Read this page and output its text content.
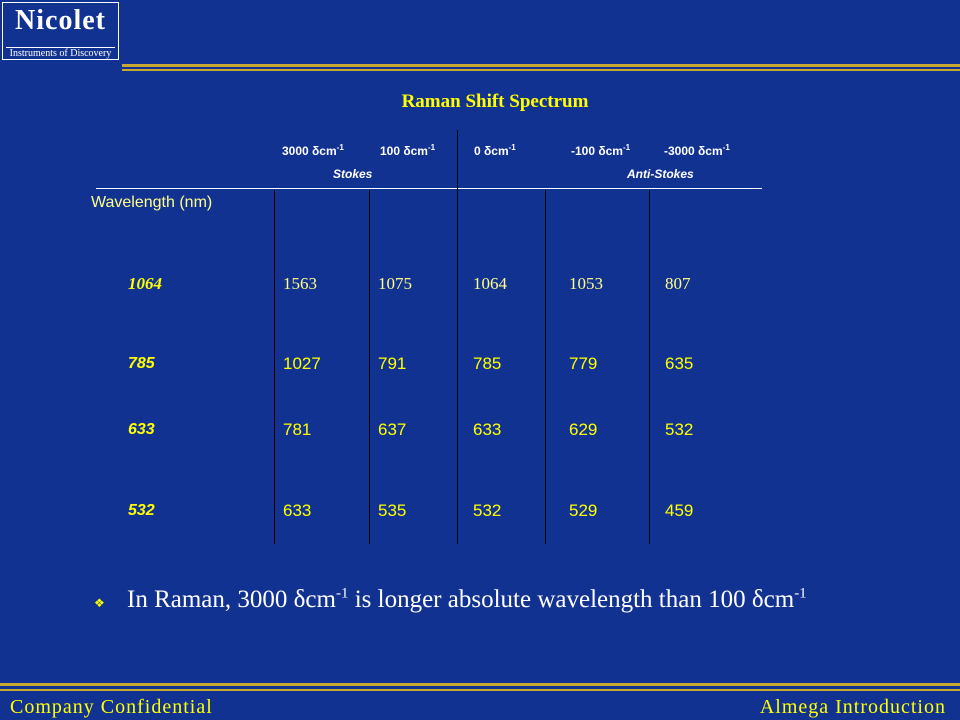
Nicolet
Instruments of Discovery
Raman Shift Spectrum
3000 δcm$^{-1}$	100 δcm$^{-1}$	0 δcm$^{-1}$	-100 δcm$^{-1}$	-3000 δcm$^{-1}$
Stokes	Anti-Stokes
Wavelength (nm)
1064	1563	1075	1064	1053	807
785	1027	791	785	779	635
633	781	637	633	629	532
532	633	535	532	529	459
❖ In Raman, 3000 δcm$^{-1}$ is longer absolute wavelength than 100 δcm$^{-1}$
Company Confidential	Almega Introduction
